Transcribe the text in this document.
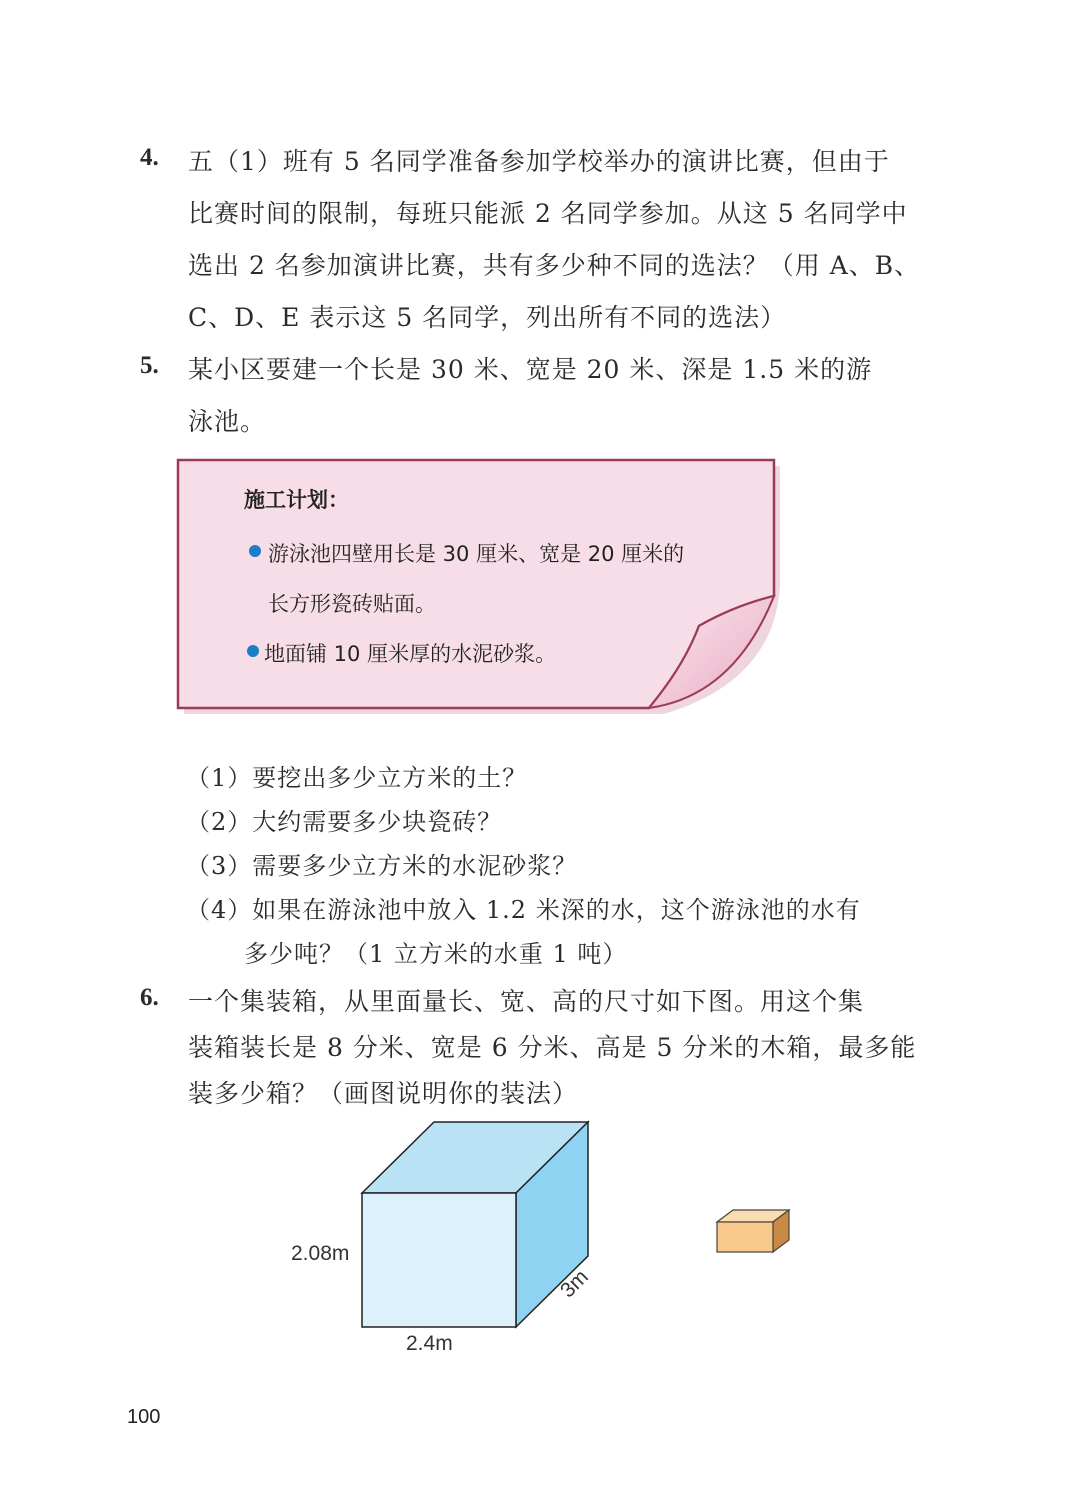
4. 五（1）班有 5 名同学准备参加学校举办的演讲比赛，但由于
比赛时间的限制，每班只能派 2 名同学参加。从这 5 名同学中
选出 2 名参加演讲比赛，共有多少种不同的选法？（用 A、B、
C、D、E 表示这 5 名同学，列出所有不同的选法）
5. 某小区要建一个长是 30 米、宽是 20 米、深是 1.5 米的游
泳池。
施工计划：
游泳池四壁用长是 30 厘米、宽是 20 厘米的
长方形瓷砖贴面。
地面铺 10 厘米厚的水泥砂浆。
（1）要挖出多少立方米的土？
（2）大约需要多少块瓷砖？
（3）需要多少立方米的水泥砂浆？
（4）如果在游泳池中放入 1.2 米深的水，这个游泳池的水有
多少吨？（1 立方米的水重 1 吨）
6. 一个集装箱，从里面量长、宽、高的尺寸如下图。用这个集
装箱装长是 8 分米、宽是 6 分米、高是 5 分米的木箱，最多能
装多少箱？（画图说明你的装法）
2.08m
2.4m
3m
100
